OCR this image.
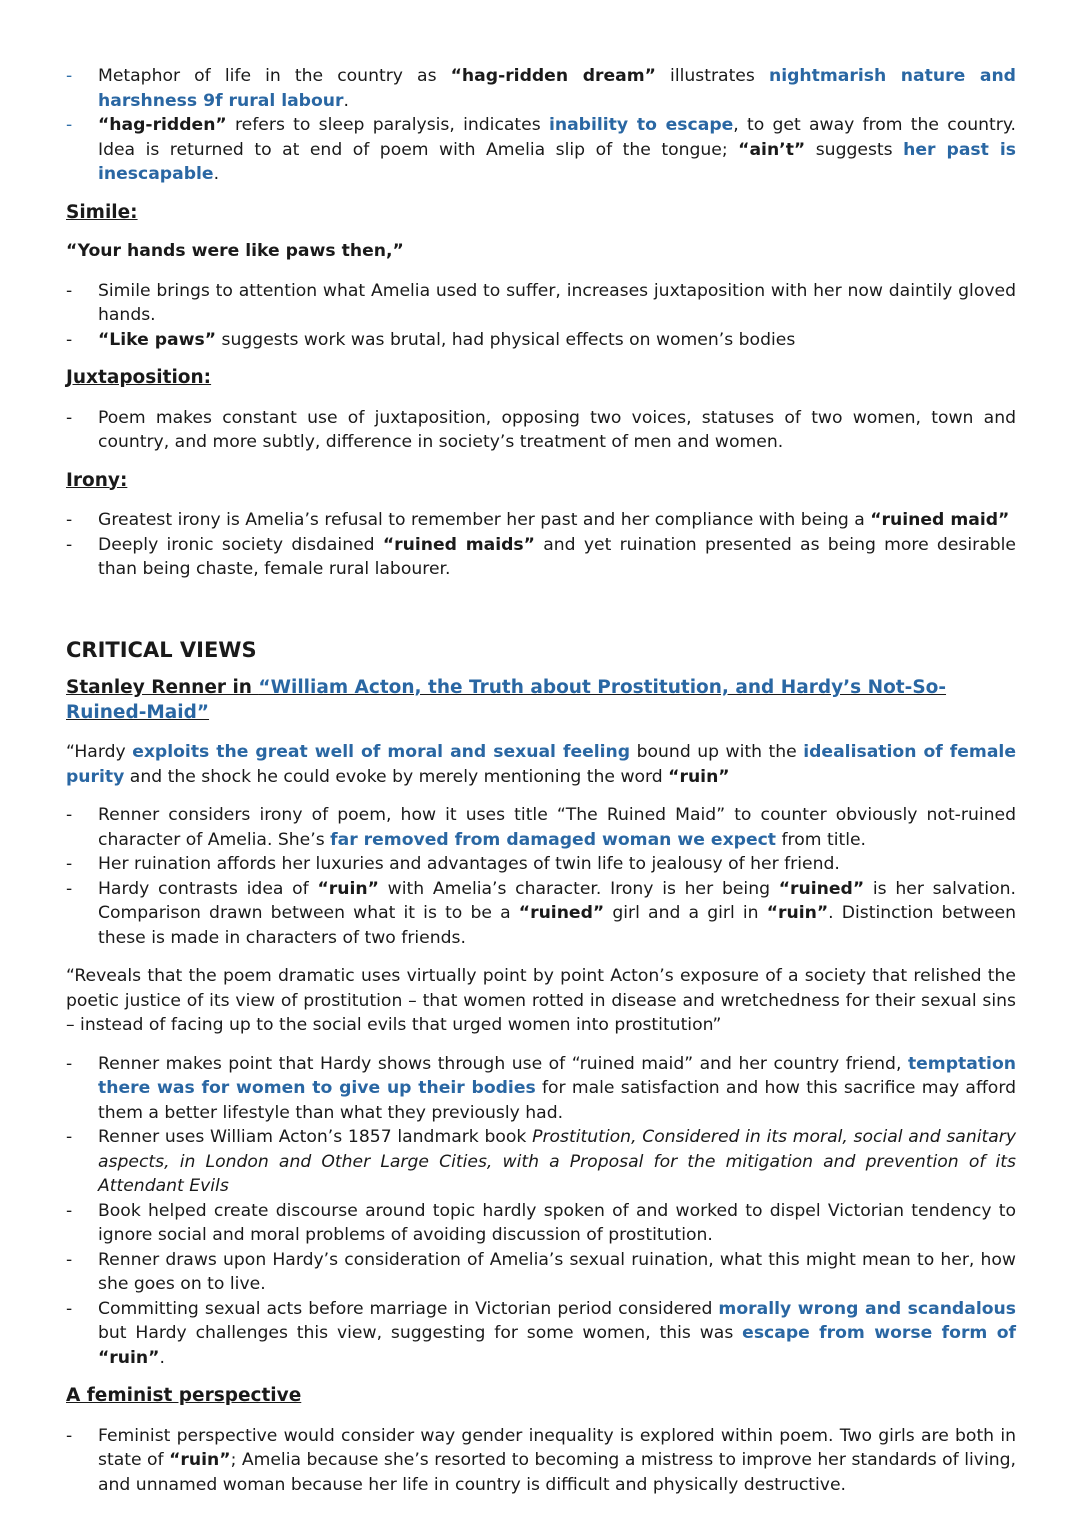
- Metaphor of life in the country as “hag-ridden dream” illustrates nightmarish nature and harshness 9f rural labour.
- “hag-ridden” refers to sleep paralysis, indicates inability to escape, to get away from the country. Idea is returned to at end of poem with Amelia slip of the tongue; “ain’t” suggests her past is inescapable.

Simile:

“Your hands were like paws then,”

- Simile brings to attention what Amelia used to suffer, increases juxtaposition with her now daintily gloved hands.
- “Like paws” suggests work was brutal, had physical effects on women’s bodies

Juxtaposition:

- Poem makes constant use of juxtaposition, opposing two voices, statuses of two women, town and country, and more subtly, difference in society’s treatment of men and women.

Irony:

- Greatest irony is Amelia’s refusal to remember her past and her compliance with being a “ruined maid”
- Deeply ironic society disdained “ruined maids” and yet ruination presented as being more desirable than being chaste, female rural labourer.

CRITICAL VIEWS

Stanley Renner in “William Acton, the Truth about Prostitution, and Hardy’s Not-So-Ruined-Maid”

“Hardy exploits the great well of moral and sexual feeling bound up with the idealisation of female purity and the shock he could evoke by merely mentioning the word “ruin”

- Renner considers irony of poem, how it uses title “The Ruined Maid” to counter obviously not-ruined character of Amelia. She’s far removed from damaged woman we expect from title.
- Her ruination affords her luxuries and advantages of twin life to jealousy of her friend.
- Hardy contrasts idea of “ruin” with Amelia’s character. Irony is her being “ruined” is her salvation. Comparison drawn between what it is to be a “ruined” girl and a girl in “ruin”. Distinction between these is made in characters of two friends.

“Reveals that the poem dramatic uses virtually point by point Acton’s exposure of a society that relished the poetic justice of its view of prostitution – that women rotted in disease and wretchedness for their sexual sins – instead of facing up to the social evils that urged women into prostitution”

- Renner makes point that Hardy shows through use of “ruined maid” and her country friend, temptation there was for women to give up their bodies for male satisfaction and how this sacrifice may afford them a better lifestyle than what they previously had.
- Renner uses William Acton’s 1857 landmark book Prostitution, Considered in its moral, social and sanitary aspects, in London and Other Large Cities, with a Proposal for the mitigation and prevention of its Attendant Evils
- Book helped create discourse around topic hardly spoken of and worked to dispel Victorian tendency to ignore social and moral problems of avoiding discussion of prostitution.
- Renner draws upon Hardy’s consideration of Amelia’s sexual ruination, what this might mean to her, how she goes on to live.
- Committing sexual acts before marriage in Victorian period considered morally wrong and scandalous but Hardy challenges this view, suggesting for some women, this was escape from worse form of “ruin”.

A feminist perspective

- Feminist perspective would consider way gender inequality is explored within poem. Two girls are both in state of “ruin”; Amelia because she’s resorted to becoming a mistress to improve her standards of living, and unnamed woman because her life in country is difficult and physically destructive.
